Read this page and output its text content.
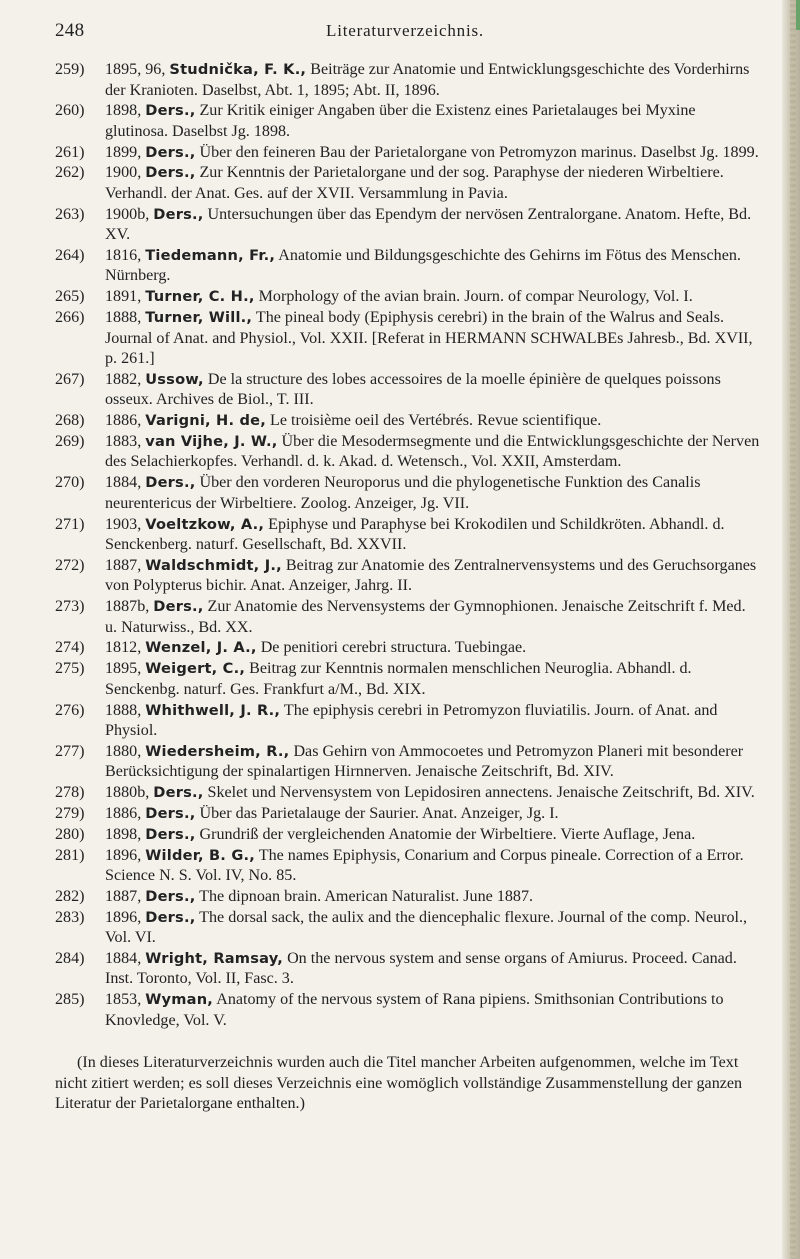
248	Literaturverzeichnis.
259)	1895, 96, Studnička, F. K., Beiträge zur Anatomie und Entwicklungsgeschichte des Vorderhirns der Kranioten. Daselbst, Abt. 1, 1895; Abt. II, 1896.
260)	1898, Ders., Zur Kritik einiger Angaben über die Existenz eines Parietalauges bei Myxine glutinosa. Daselbst Jg. 1898.
261)	1899, Ders., Über den feineren Bau der Parietalorgane von Petromyzon marinus. Daselbst Jg. 1899.
262)	1900, Ders., Zur Kenntnis der Parietalorgane und der sog. Paraphyse der niederen Wirbeltiere. Verhandl. der Anat. Ges. auf der XVII. Versammlung in Pavia.
263)	1900b, Ders., Untersuchungen über das Ependym der nervösen Zentralorgane. Anatom. Hefte, Bd. XV.
264)	1816, Tiedemann, Fr., Anatomie und Bildungsgeschichte des Gehirns im Fötus des Menschen. Nürnberg.
265)	1891, Turner, C. H., Morphology of the avian brain. Journ. of compar Neurology, Vol. I.
266)	1888, Turner, Will., The pineal body (Epiphysis cerebri) in the brain of the Walrus and Seals. Journal of Anat. and Physiol., Vol. XXII. [Referat in HERMANN SCHWALBEs Jahresb., Bd. XVII, p. 261.]
267)	1882, Ussow, De la structure des lobes accessoires de la moelle épinière de quelques poissons osseux. Archives de Biol., T. III.
268)	1886, Varigni, H. de, Le troisième oeil des Vertébrés. Revue scientifique.
269)	1883, van Vijhe, J. W., Über die Mesodermsegmente und die Entwicklungsgeschichte der Nerven des Selachierkopfes. Verhandl. d. k. Akad. d. Wetensch., Vol. XXII, Amsterdam.
270)	1884, Ders., Über den vorderen Neuroporus und die phylogenetische Funktion des Canalis neurentericus der Wirbeltiere. Zoolog. Anzeiger, Jg. VII.
271)	1903, Voeltzkow, A., Epiphyse und Paraphyse bei Krokodilen und Schildkröten. Abhandl. d. Senckenberg. naturf. Gesellschaft, Bd. XXVII.
272)	1887, Waldschmidt, J., Beitrag zur Anatomie des Zentralnervensystems und des Geruchsorganes von Polypterus bichir. Anat. Anzeiger, Jahrg. II.
273)	1887b, Ders., Zur Anatomie des Nervensystems der Gymnophionen. Jenaische Zeitschrift f. Med. u. Naturwiss., Bd. XX.
274)	1812, Wenzel, J. A., De penitiori cerebri structura. Tuebingae.
275)	1895, Weigert, C., Beitrag zur Kenntnis normalen menschlichen Neuroglia. Abhandl. d. Senckenbg. naturf. Ges. Frankfurt a/M., Bd. XIX.
276)	1888, Whithwell, J. R., The epiphysis cerebri in Petromyzon fluviatilis. Journ. of Anat. and Physiol.
277)	1880, Wiedersheim, R., Das Gehirn von Ammocoetes und Petromyzon Planeri mit besonderer Berücksichtigung der spinalartigen Hirnnerven. Jenaische Zeitschrift, Bd. XIV.
278)	1880b, Ders., Skelet und Nervensystem von Lepidosiren annectens. Jenaische Zeitschrift, Bd. XIV.
279)	1886, Ders., Über das Parietalauge der Saurier. Anat. Anzeiger, Jg. I.
280)	1898, Ders., Grundriß der vergleichenden Anatomie der Wirbeltiere. Vierte Auflage, Jena.
281)	1896, Wilder, B. G., The names Epiphysis, Conarium and Corpus pineale. Correction of a Error. Science N. S. Vol. IV, No. 85.
282)	1887, Ders., The dipnoan brain. American Naturalist. June 1887.
283)	1896, Ders., The dorsal sack, the aulix and the diencephalic flexure. Journal of the comp. Neurol., Vol. VI.
284)	1884, Wright, Ramsay, On the nervous system and sense organs of Amiurus. Proceed. Canad. Inst. Toronto, Vol. II, Fasc. 3.
285)	1853, Wyman, Anatomy of the nervous system of Rana pipiens. Smithsonian Contributions to Knovledge, Vol. V.

(In dieses Literaturverzeichnis wurden auch die Titel mancher Arbeiten aufgenommen, welche im Text nicht zitiert werden; es soll dieses Verzeichnis eine womöglich vollständige Zusammenstellung der ganzen Literatur der Parietalorgane enthalten.)
